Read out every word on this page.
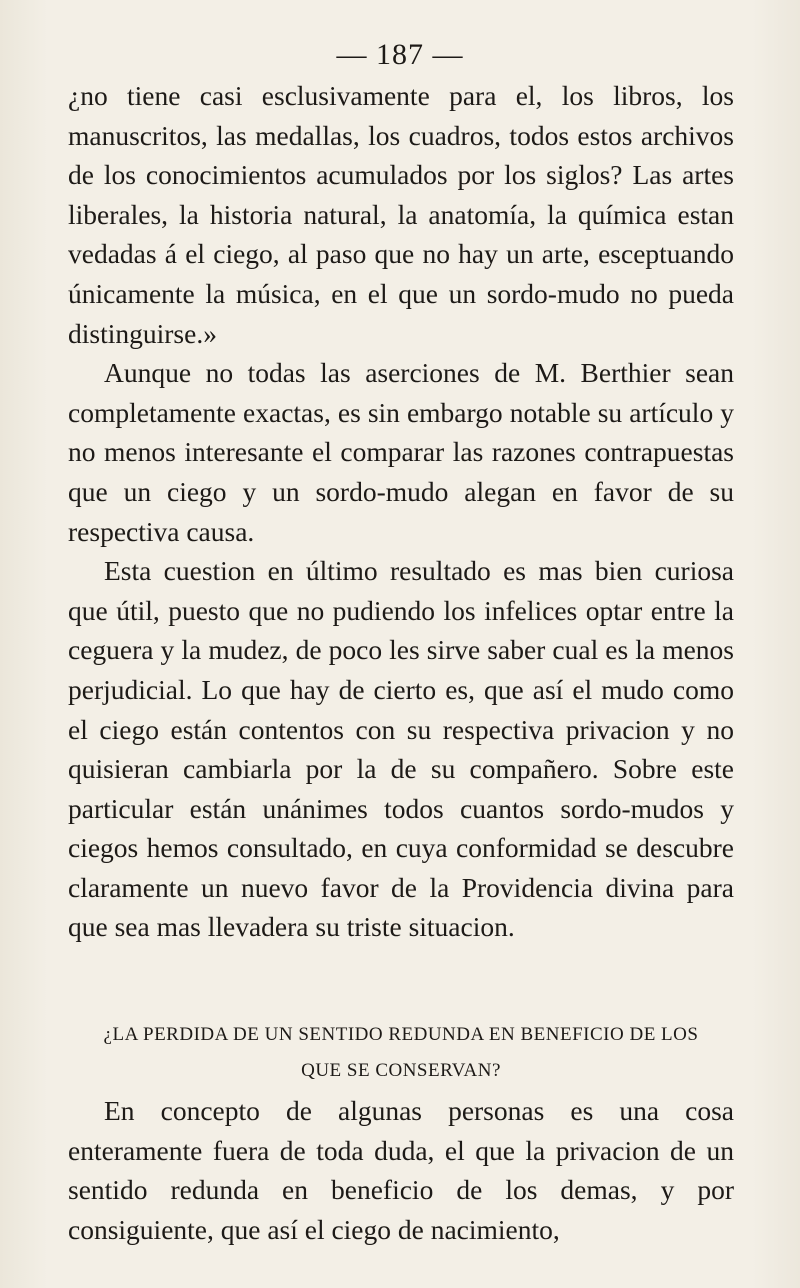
— 187 —

¿no tiene casi esclusivamente para el, los libros, los manuscritos, las medallas, los cuadros, todos estos archivos de los conocimientos acumulados por los siglos? Las artes liberales, la historia natural, la anatomía, la química estan vedadas á el ciego, al paso que no hay un arte, esceptuando únicamente la música, en el que un sordo-mudo no pueda distinguirse.»

Aunque no todas las aserciones de M. Berthier sean completamente exactas, es sin embargo notable su artículo y no menos interesante el comparar las razones contrapuestas que un ciego y un sordo-mudo alegan en favor de su respectiva causa.

Esta cuestion en último resultado es mas bien curiosa que útil, puesto que no pudiendo los infelices optar entre la ceguera y la mudez, de poco les sirve saber cual es la menos perjudicial. Lo que hay de cierto es, que así el mudo como el ciego están contentos con su respectiva privacion y no quisieran cambiarla por la de su compañero. Sobre este particular están unánimes todos cuantos sordo-mudos y ciegos hemos consultado, en cuya conformidad se descubre claramente un nuevo favor de la Providencia divina para que sea mas llevadera su triste situacion.

¿LA PERDIDA DE UN SENTIDO REDUNDA EN BENEFICIO DE LOS

QUE SE CONSERVAN?

En concepto de algunas personas es una cosa enteramente fuera de toda duda, el que la privacion de un sentido redunda en beneficio de los demas, y por consiguiente, que así el ciego de nacimiento,
